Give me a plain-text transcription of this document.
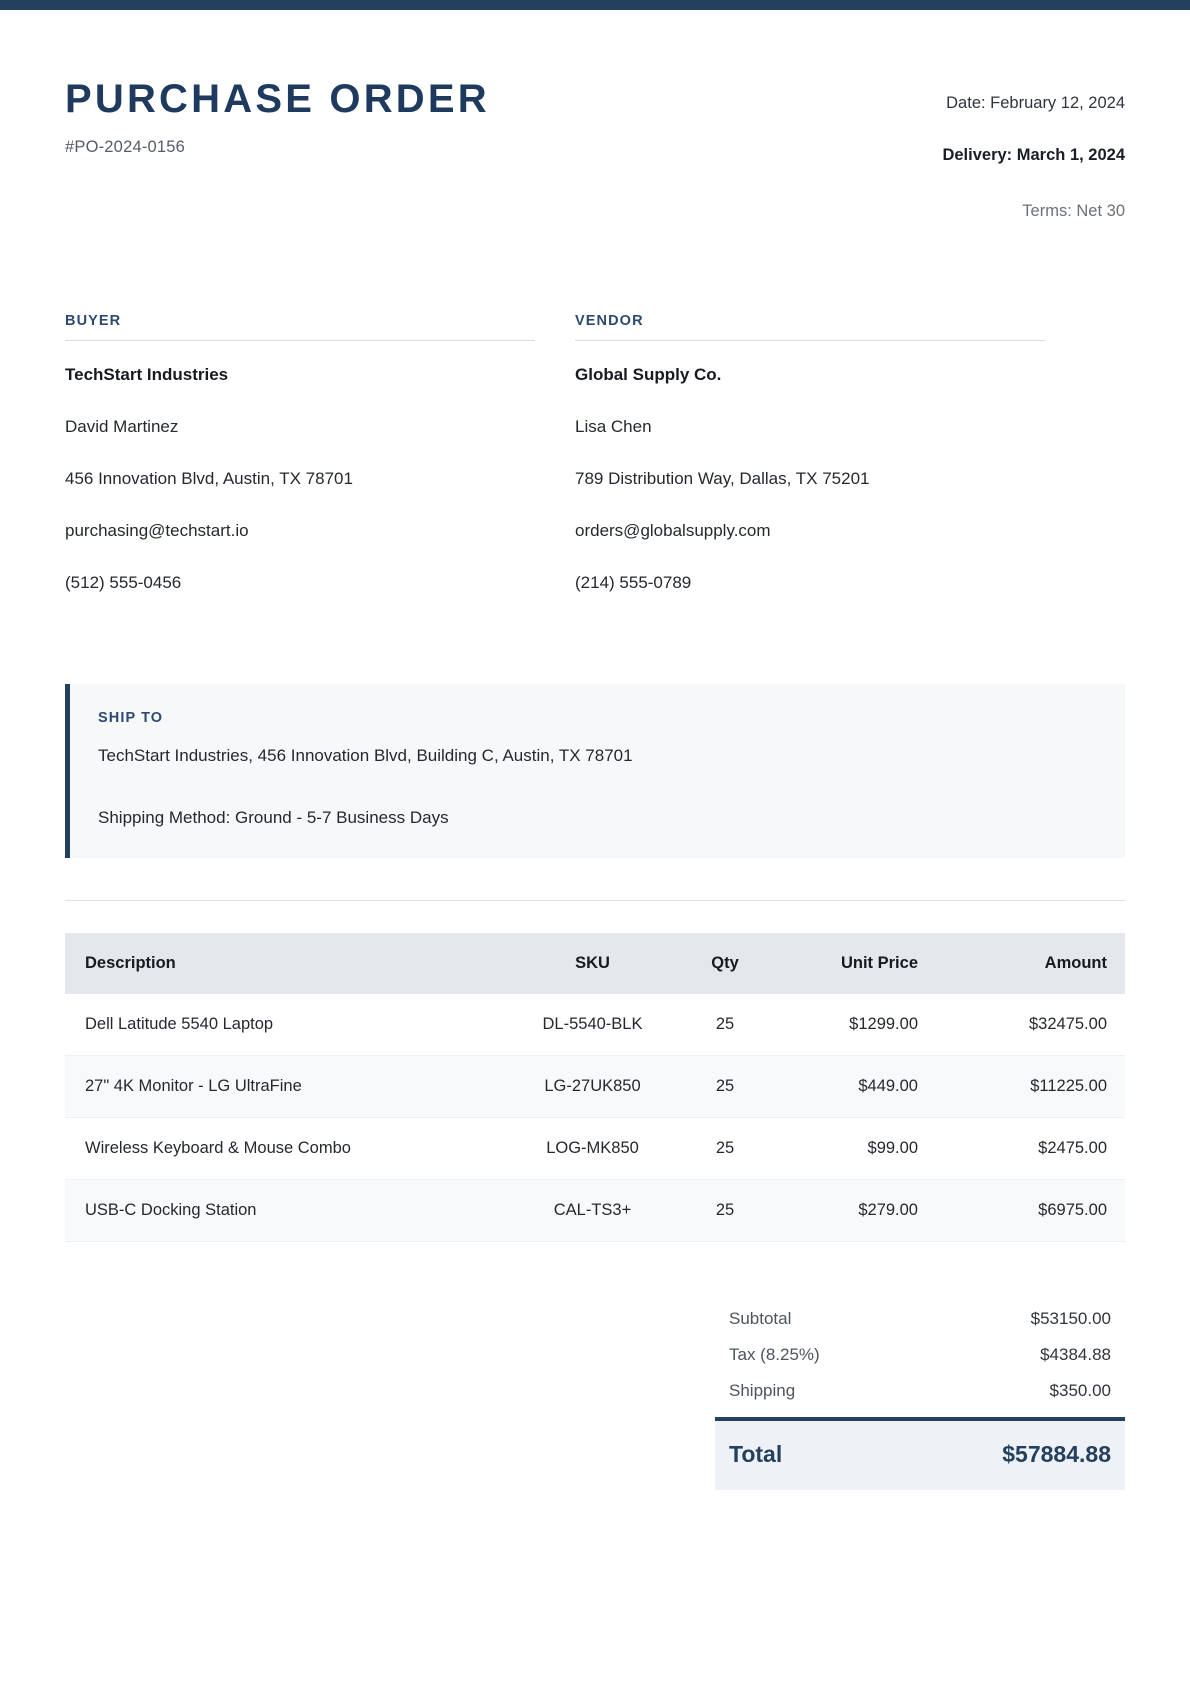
PURCHASE ORDER
#PO-2024-0156
Date: February 12, 2024
Delivery: March 1, 2024
Terms: Net 30
BUYER
TechStart Industries
David Martinez
456 Innovation Blvd, Austin, TX 78701
purchasing@techstart.io
(512) 555-0456
VENDOR
Global Supply Co.
Lisa Chen
789 Distribution Way, Dallas, TX 75201
orders@globalsupply.com
(214) 555-0789
SHIP TO
TechStart Industries, 456 Innovation Blvd, Building C, Austin, TX 78701
Shipping Method: Ground - 5-7 Business Days
Description	SKU	Qty	Unit Price	Amount
Dell Latitude 5540 Laptop	DL-5540-BLK	25	$1299.00	$32475.00
27" 4K Monitor - LG UltraFine	LG-27UK850	25	$449.00	$11225.00
Wireless Keyboard & Mouse Combo	LOG-MK850	25	$99.00	$2475.00
USB-C Docking Station	CAL-TS3+	25	$279.00	$6975.00
Subtotal	$53150.00
Tax (8.25%)	$4384.88
Shipping	$350.00
Total	$57884.88
